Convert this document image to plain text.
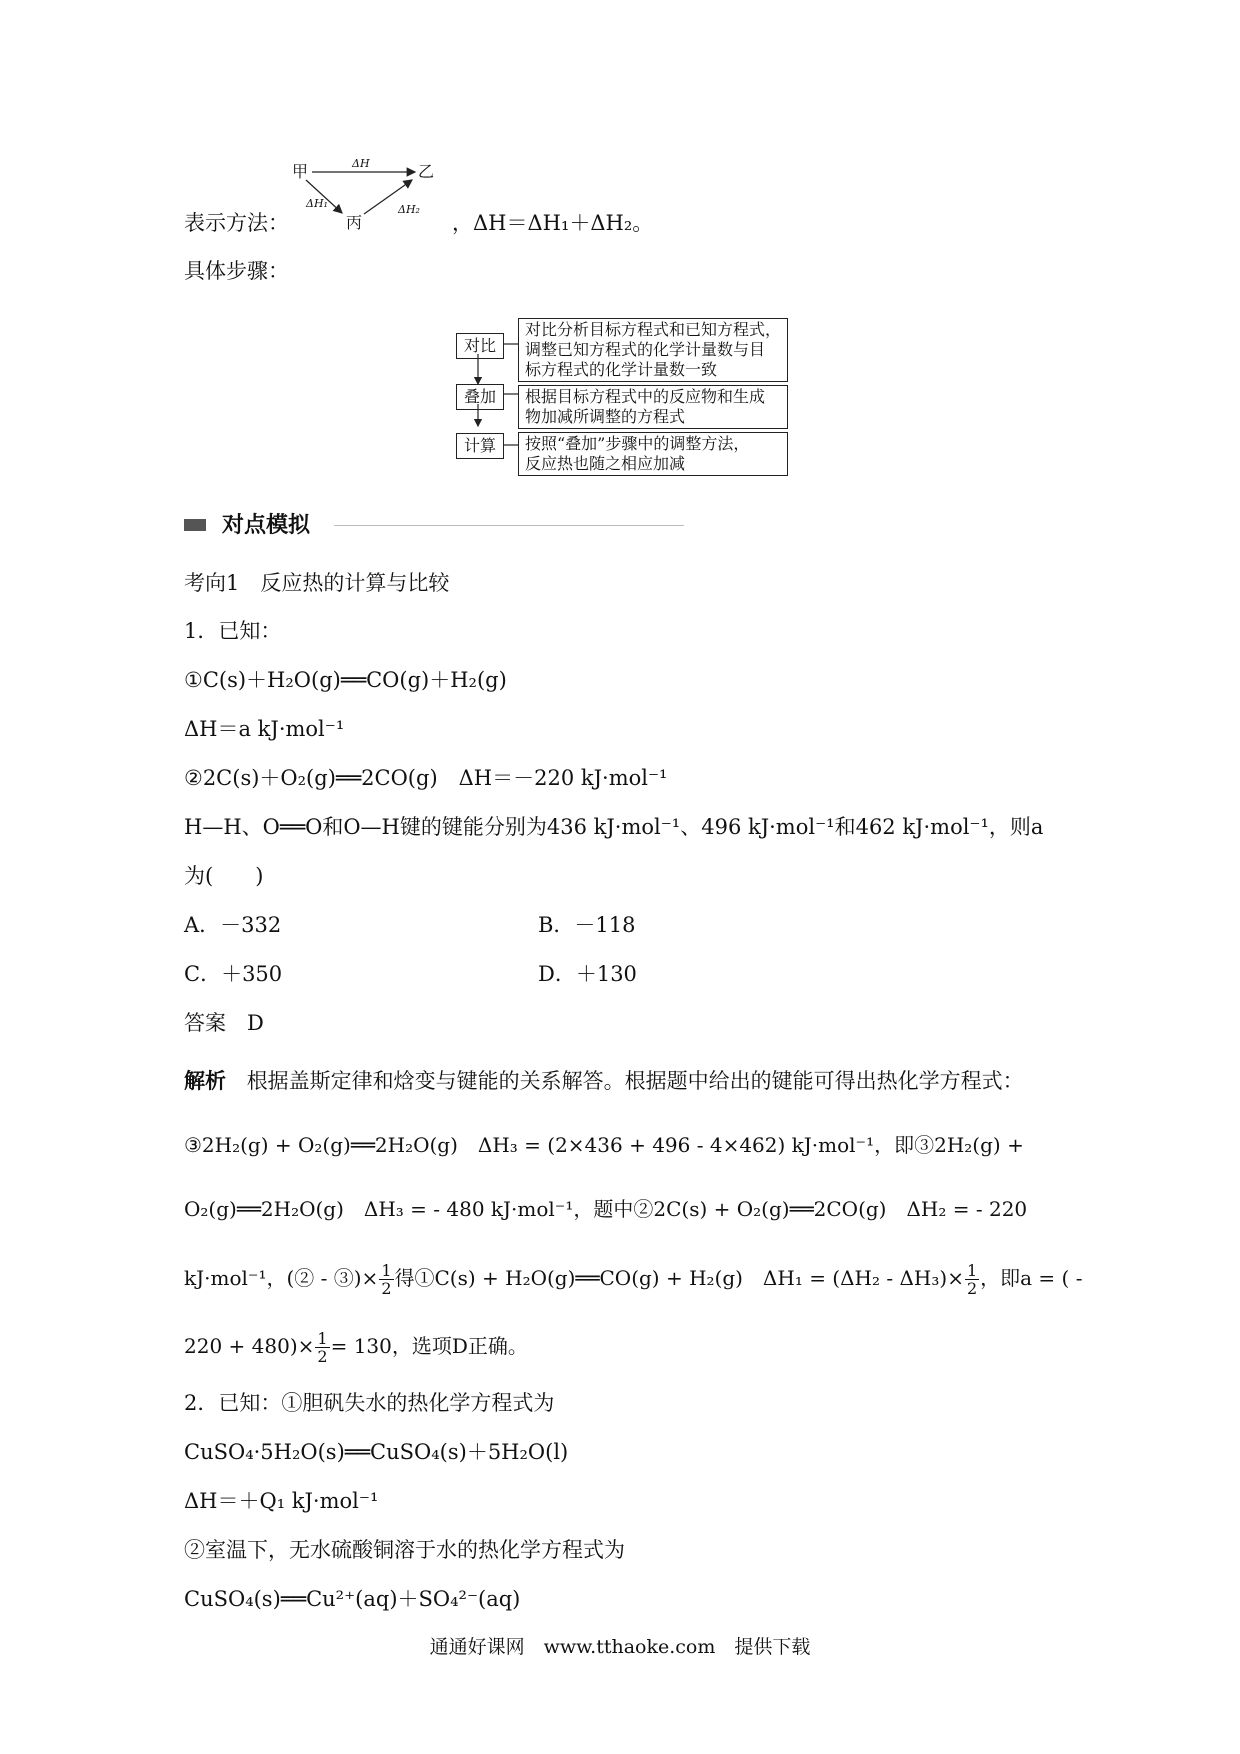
表示方法：
甲	乙
丙
ΔH
ΔH₁	ΔH₂
，ΔH＝ΔH₁＋ΔH₂。
具体步骤：
对比
对比分析目标方程式和已知方程式，
调整已知方程式的化学计量数与目
标方程式的化学计量数一致
叠加	根据目标方程式中的反应物和生成
物加减所调整的方程式
计算	按照“叠加”步骤中的调整方法，
反应热也随之相应加减
对点模拟
考向1　反应热的计算与比较
1．已知：
①C(s)＋H₂O(g)══CO(g)＋H₂(g)
ΔH＝a kJ·mol⁻¹
②2C(s)＋O₂(g)══2CO(g)　ΔH＝－220 kJ·mol⁻¹
H—H、O══O和O—H键的键能分别为436 kJ·mol⁻¹、496 kJ·mol⁻¹和462 kJ·mol⁻¹，则a
为(　　)
A．－332	B．－118
C．＋350	D．＋130
答案　D
解析 根据盖斯定律和焓变与键能的关系解答。根据题中给出的键能可得出热化学方程式：
③2H₂(g) + O₂(g)══2H₂O(g)　ΔH₃ = (2×436 + 496 - 4×462) kJ·mol⁻¹，即③2H₂(g) +
O₂(g)══2H₂O(g)　ΔH₃ = - 480 kJ·mol⁻¹，题中②2C(s) + O₂(g)══2CO(g)　ΔH₂ = - 220
kJ·mol⁻¹，(② - ③)× $\frac{1}{2}$ 得①C(s) + H₂O(g)══CO(g) + H₂(g)　$\Delta H_1 = (\Delta H_2 - \Delta H_3)\times \frac{1}{2}$ ，即a = ( -
$220 + 480)\times \frac{1}{2} = 130$，选项D正确。
2．已知：①胆矾失水的热化学方程式为
CuSO₄·5H₂O(s)══CuSO₄(s)＋5H₂O(l)
ΔH＝＋Q₁ kJ·mol⁻¹
②室温下，无水硫酸铜溶于水的热化学方程式为
CuSO₄(s)══Cu²⁺(aq)＋SO₄²⁻(aq)
通通好课网　www.tthaoke.com　提供下载
